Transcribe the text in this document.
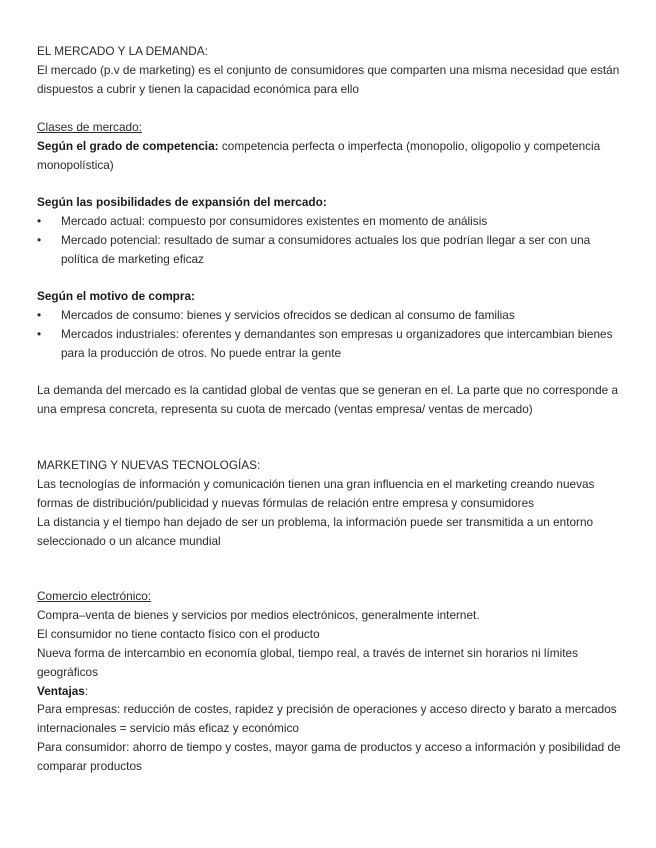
EL MERCADO Y LA DEMANDA:
El mercado (p.v de marketing) es el conjunto de consumidores que comparten una misma necesidad que están dispuestos a cubrir y tienen la capacidad económica para ello
Clases de mercado:
Según el grado de competencia: competencia perfecta o imperfecta (monopolio, oligopolio y competencia monopolística)
Según las posibilidades de expansión del mercado:
• Mercado actual: compuesto por consumidores existentes en momento de análisis
• Mercado potencial: resultado de sumar a consumidores actuales los que podrían llegar a ser con una política de marketing eficaz
Según el motivo de compra:
• Mercados de consumo: bienes y servicios ofrecidos se dedican al consumo de familias
• Mercados industriales: oferentes y demandantes son empresas u organizadores que intercambian bienes para la producción de otros. No puede entrar la gente
La demanda del mercado es la cantidad global de ventas que se generan en el. La parte que no corresponde a una empresa concreta, representa su cuota de mercado (ventas empresa/ ventas de mercado)
MARKETING Y NUEVAS TECNOLOGÍAS:
Las tecnologías de información y comunicación tienen una gran influencia en el marketing creando nuevas formas de distribución/publicidad y nuevas fórmulas de relación entre empresa y consumidores
La distancia y el tiempo han dejado de ser un problema, la información puede ser transmitida a un entorno seleccionado o un alcance mundial
Comercio electrónico:
Compra–venta de bienes y servicios por medios electrónicos, generalmente internet.
El consumidor no tiene contacto físico con el producto
Nueva forma de intercambio en economía global, tiempo real, a través de internet sin horarios ni límites geográficos
Ventajas:
Para empresas: reducción de costes, rapidez y precisión de operaciones y acceso directo y barato a mercados internacionales = servicio más eficaz y económico
Para consumidor: ahorro de tiempo y costes, mayor gama de productos y acceso a información y posibilidad de comparar productos
